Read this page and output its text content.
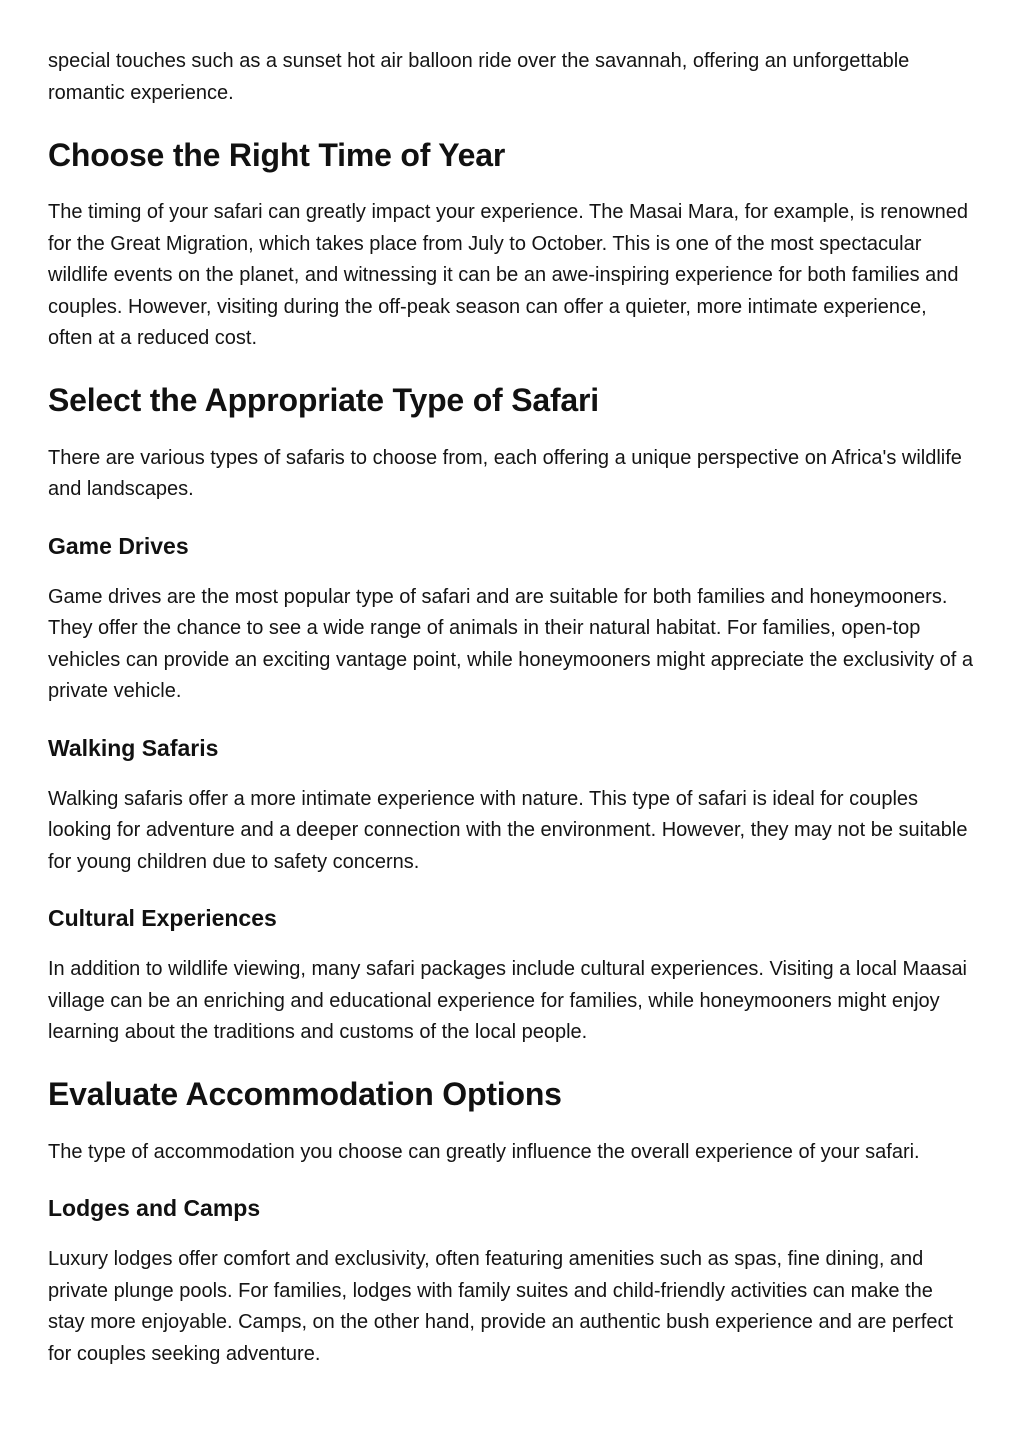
special touches such as a sunset hot air balloon ride over the savannah, offering an unforgettable romantic experience.

Choose the Right Time of Year

The timing of your safari can greatly impact your experience. The Masai Mara, for example, is renowned for the Great Migration, which takes place from July to October. This is one of the most spectacular wildlife events on the planet, and witnessing it can be an awe-inspiring experience for both families and couples. However, visiting during the off-peak season can offer a quieter, more intimate experience, often at a reduced cost.

Select the Appropriate Type of Safari

There are various types of safaris to choose from, each offering a unique perspective on Africa's wildlife and landscapes.

Game Drives

Game drives are the most popular type of safari and are suitable for both families and honeymooners. They offer the chance to see a wide range of animals in their natural habitat. For families, open-top vehicles can provide an exciting vantage point, while honeymooners might appreciate the exclusivity of a private vehicle.

Walking Safaris

Walking safaris offer a more intimate experience with nature. This type of safari is ideal for couples looking for adventure and a deeper connection with the environment. However, they may not be suitable for young children due to safety concerns.

Cultural Experiences

In addition to wildlife viewing, many safari packages include cultural experiences. Visiting a local Maasai village can be an enriching and educational experience for families, while honeymooners might enjoy learning about the traditions and customs of the local people.

Evaluate Accommodation Options

The type of accommodation you choose can greatly influence the overall experience of your safari.

Lodges and Camps

Luxury lodges offer comfort and exclusivity, often featuring amenities such as spas, fine dining, and private plunge pools. For families, lodges with family suites and child-friendly activities can make the stay more enjoyable. Camps, on the other hand, provide an authentic bush experience and are perfect for couples seeking adventure.
